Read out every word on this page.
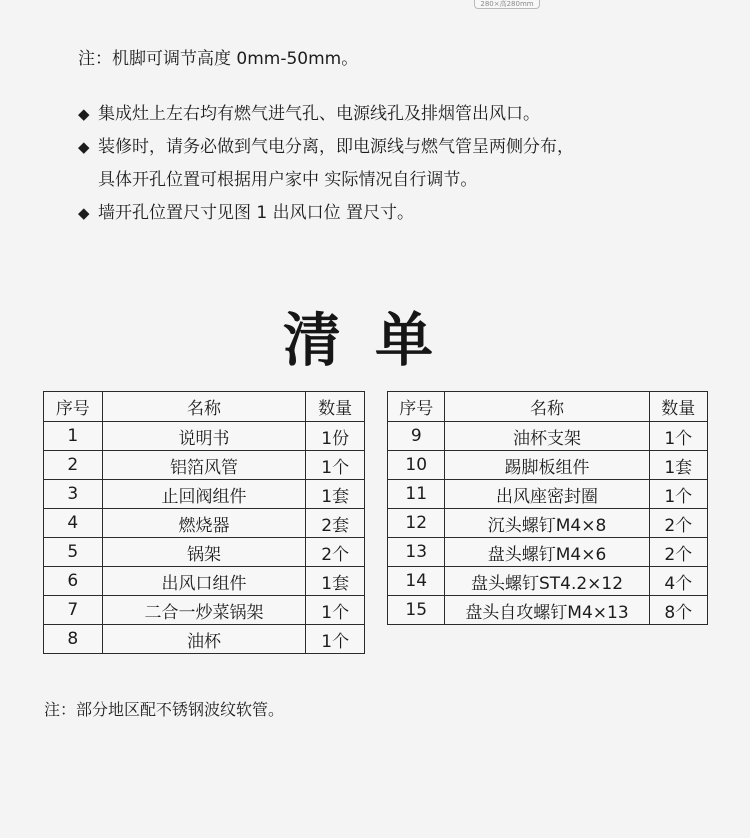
280×高280mm
注：机脚可调节高度 0mm-50mm。
◆ 集成灶上左右均有燃气进气孔、电源线孔及排烟管出风口。
◆ 装修时，请务必做到气电分离，即电源线与燃气管呈两侧分布，
具体开孔位置可根据用户家中 实际情况自行调节。
◆ 墙开孔位置尺寸见图 1 出风口位 置尺寸。
清单
序号	名称	数量
1	说明书	1份
2	铝箔风管	1个
3	止回阀组件	1套
4	燃烧器	2套
5	锅架	2个
6	出风口组件	1套
7	二合一炒菜锅架	1个
8	油杯	1个
序号	名称	数量
9	油杯支架	1个
10	踢脚板组件	1套
11	出风座密封圈	1个
12	沉头螺钉M4×8	2个
13	盘头螺钉M4×6	2个
14	盘头螺钉ST4.2×12	4个
15	盘头自攻螺钉M4×13	8个
注：部分地区配不锈钢波纹软管。
